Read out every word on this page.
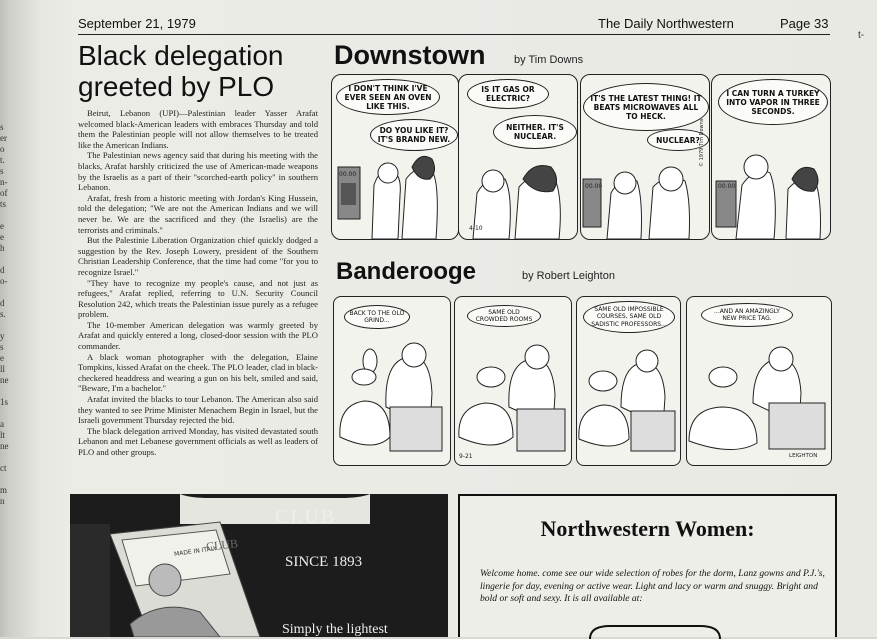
s
er
o
t.
s
n-
of
ts
e
e
h
d
o-
d
s.
y
s
e
ll
ne
1s
a
lt
ne
ct
m
n
t-
September 21, 1979	The Daily Northwestern	Page 33
Black delegation greeted by PLO

Beirut, Lebanon (UPI)—Palestinian leader Yasser Arafat welcomed black-American leaders with embraces Thursday and told them the Palestinian people will not allow themselves to be treated like the American Indians.

The Palestinian news agency said that during his meeting with the blacks, Arafat harshly criticized the use of American-made weapons by the Israelis as a part of their "scorched-earth policy" in southern Lebanon.

Arafat, fresh from a historic meeting with Jordan's King Hussein, told the delegation; "We are not the American Indians and we will never be. We are the sacrificed and they (the Israelis) are the terrorists and criminals."

But the Palestinie Liberation Organization chief quickly dodged a suggestion by the Rev. Joseph Lowery, president of the Southern Christian Leadership Conference, that the time had come "for you to recognize Israel."

"They have to recognize my people's cause, and not just as refugees," Arafat replied, referring to U.N. Security Council Resolution 242, which treats the Palestinian issue purely as a refugee problem.

The 10-member American delegation was warmly greeted by Arafat and quickly entered a long, closed-door session with the PLO commander.

A black woman photographer with the delegation, Elaine Tompkins, kissed Arafat on the cheek. The PLO leader, clad in black-checkered headdress and wearing a gun on his belt, smiled and said, "Beware, I'm a bachelor."

Arafat invited the blacks to tour Lebanon. The American also said they wanted to see Prime Minister Menachem Begin in Israel, but the Israeli government Thursday rejected the bid.

The black delegation arrived Monday, has visited devastated south Lebanon and met Lebanese government officials as well as leaders of PLO and other groups.

Downstown	by Tim Downs
I DON'T THINK I'VE EVER SEEN AN OVEN LIKE THIS.
DO YOU LIKE IT? IT'S BRAND NEW.
00.00
IS IT GAS OR ELECTRIC?
NEITHER. IT'S NUCLEAR.
4-10
IT'S THE LATEST THING! IT BEATS MICROWAVES ALL TO HECK.
NUCLEAR?
00.00
© 1979 Tim Downs
I CAN TURN A TURKEY INTO VAPOR IN THREE SECONDS.
00.00
Banderooge	by Robert Leighton
BACK TO THE OLD GRIND...
SAME OLD CROWDED ROOMS
9-21
SAME OLD IMPOSSIBLE COURSES, SAME OLD SADISTIC PROFESSORS...
...AND AN AMAZINGLY NEW PRICE TAG.
LEIGHTON
MADE IN ITALY
CLUB
CLUB
SINCE 1893
Simply the lightest
Northwestern Women:
Welcome home. come see our wide selection of robes for the dorm, Lanz gowns and P.J.'s, lingerie for day, evening or active wear. Light and lacy or warm and snuggy. Bright and bold or soft and sexy. It is all available at:
